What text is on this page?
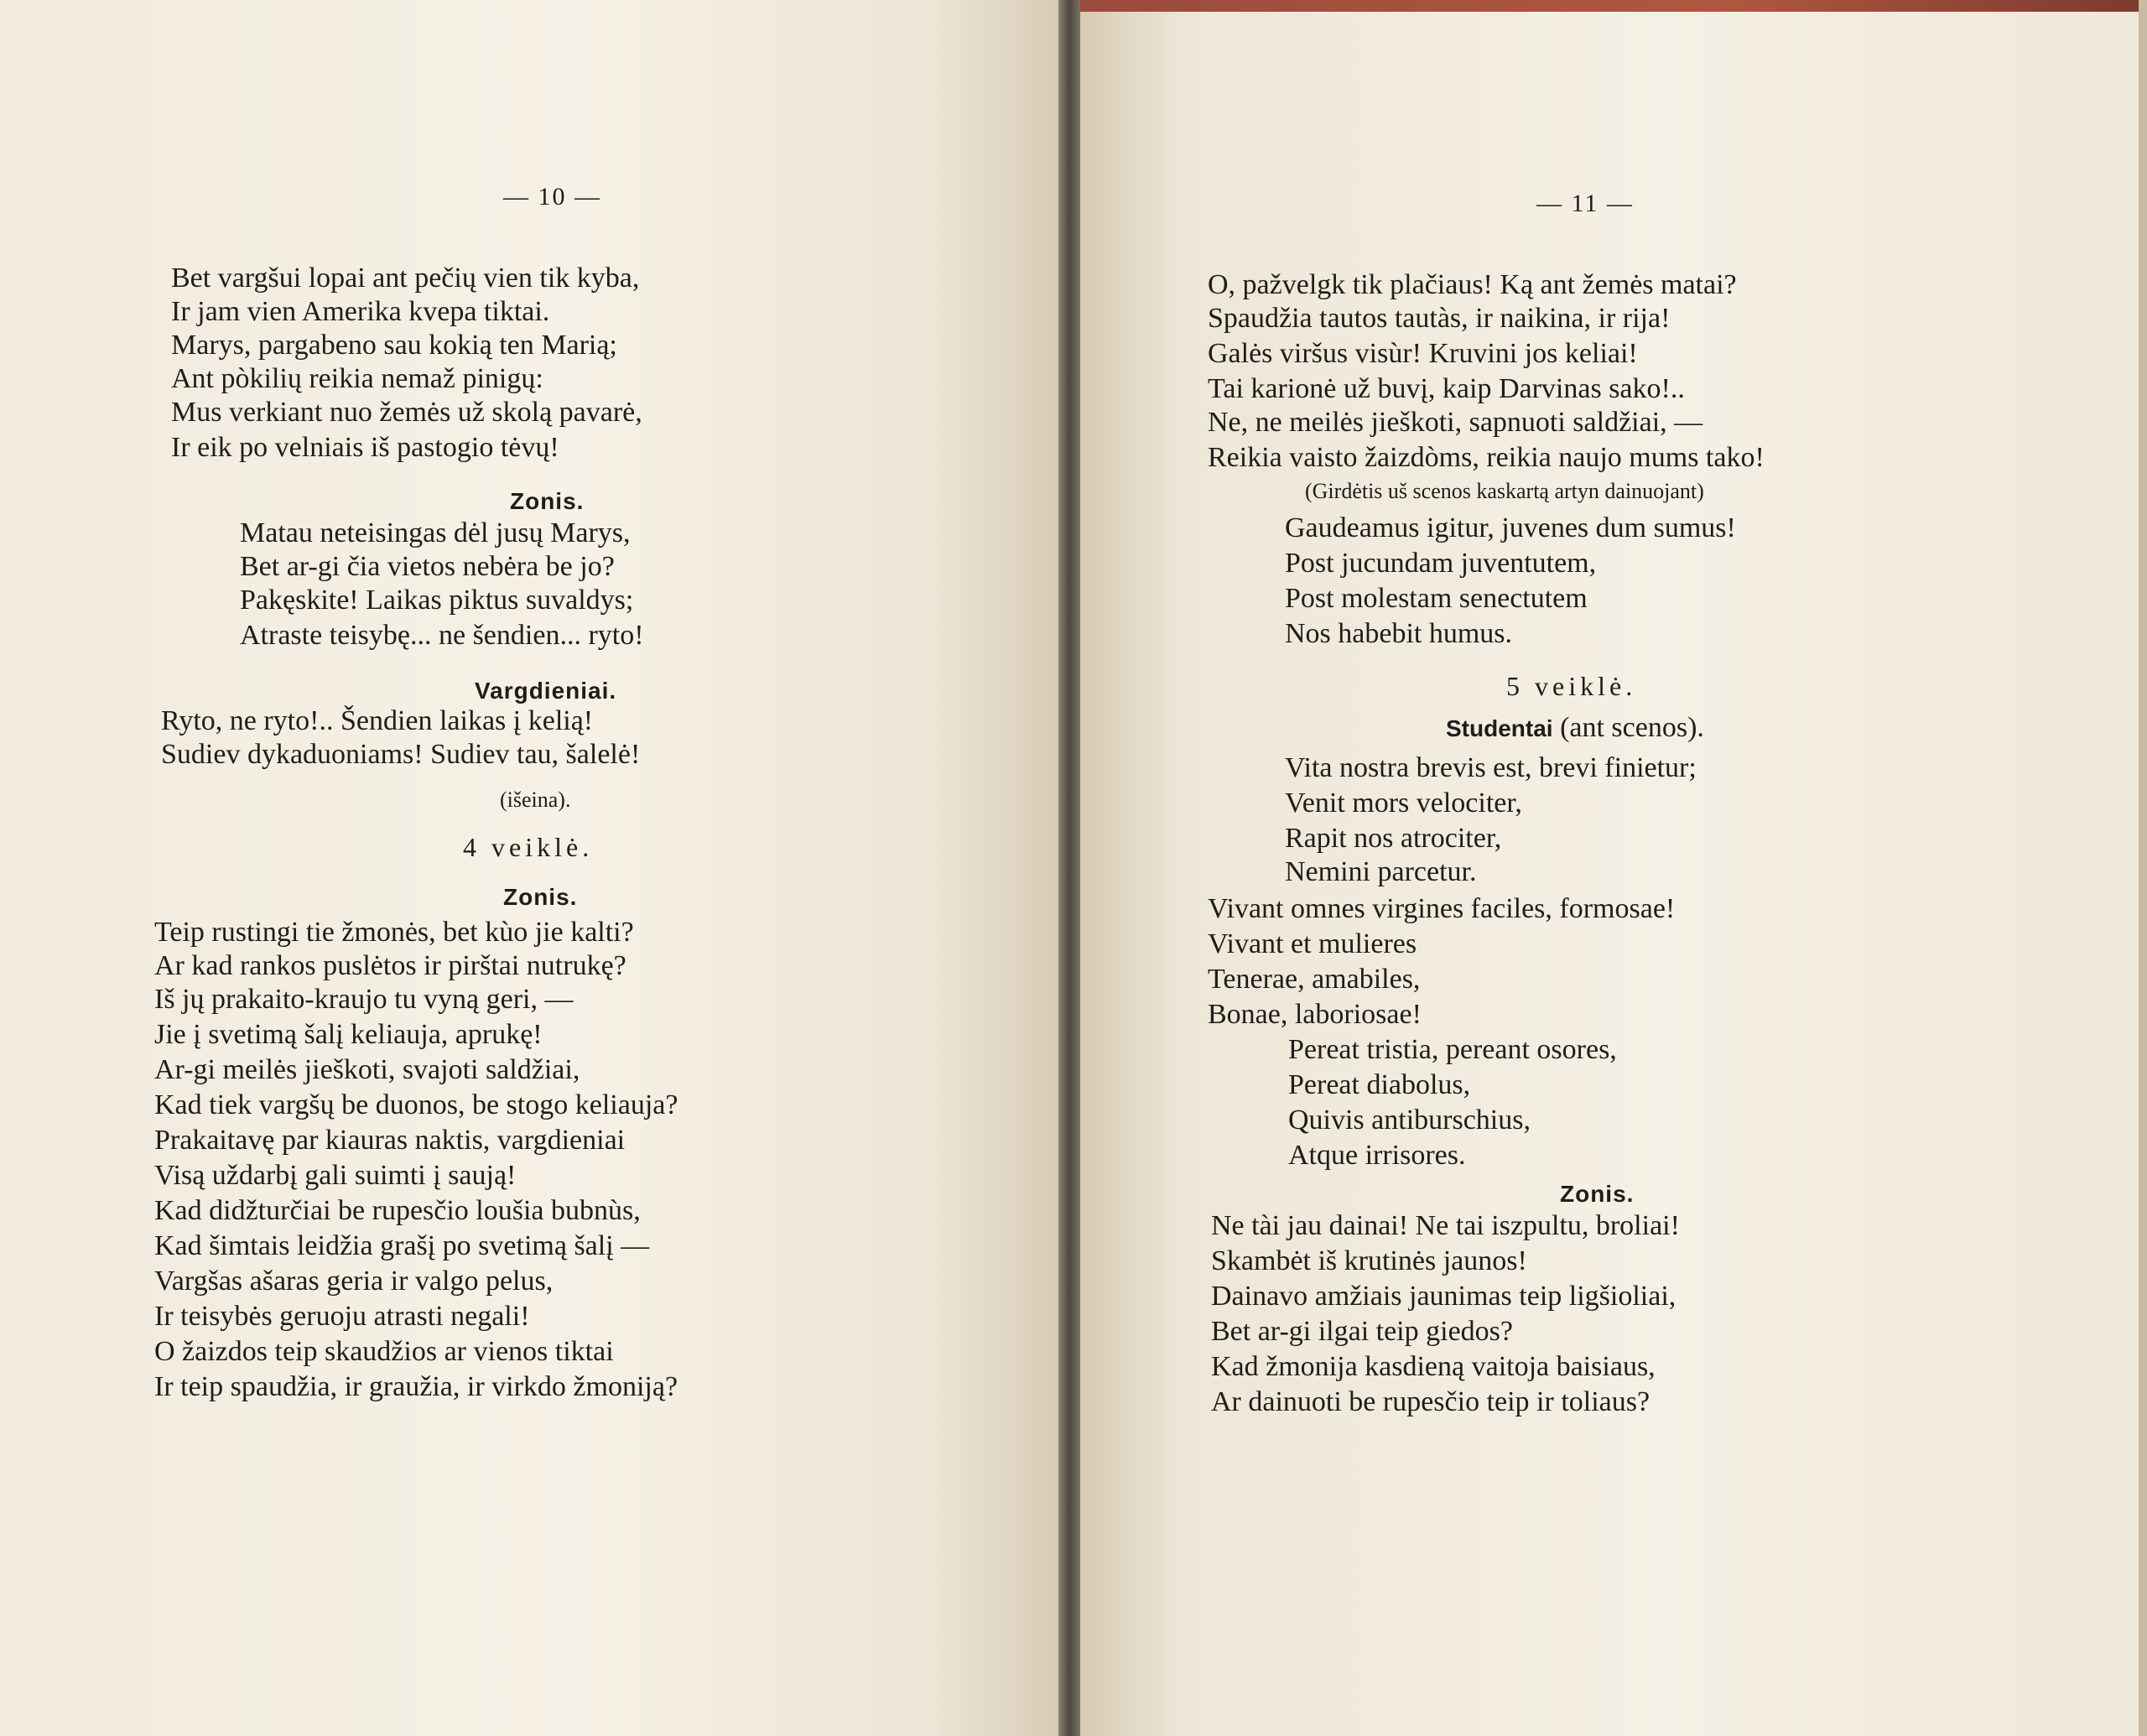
— 10 —
Bet vargšui lopai ant pečių vien tik kyba,
Ir jam vien Amerika kvepa tiktai.
Marys, pargabeno sau kokią ten Marią;
Ant pòkilių reikia nemaž pinigų:
Mus verkiant nuo žemės už skolą pavarė,
Ir eik po velniais iš pastogio tėvų!
Zonis.
Matau neteisingas dėl jusų Marys,
Bet ar-gi čia vietos nebėra be jo?
Pakęskite! Laikas piktus suvaldys;
Atraste teisybę... ne šendien... ryto!
Vargdieniai.
Ryto, ne ryto!.. Šendien laikas į kelią!
Sudiev dykaduoniams! Sudiev tau, šalelė!
(išeina).
4 veiklė.
Zonis.
Teip rustingi tie žmonės, bet kùo jie kalti?
Ar kad rankos puslėtos ir pirštai nutrukę?
Iš jų prakaito-kraujo tu vyną geri, —
Jie į svetimą šalį keliauja, aprukę!
Ar-gi meilės jieškoti, svajoti saldžiai,
Kad tiek vargšų be duonos, be stogo keliauja?
Prakaitavę par kiauras naktis, vargdieniai
Visą uždarbį gali suimti į saują!
Kad didžturčiai be rupesčio loušia bubnùs,
Kad šimtais leidžia grašį po svetimą šalį —
Vargšas ašaras geria ir valgo pelus,
Ir teisybės geruoju atrasti negali!
O žaizdos teip skaudžios ar vienos tiktai
Ir teip spaudžia, ir graužia, ir virkdo žmoniją?
— 11 —
O, pažvelgk tik plačiaus! Ką ant žemės matai?
Spaudžia tautos tautàs, ir naikina, ir rija!
Galės viršus visùr! Kruvini jos keliai!
Tai karionė už buvį, kaip Darvinas sako!..
Ne, ne meilės jieškoti, sapnuoti saldžiai, —
Reikia vaisto žaizdòms, reikia naujo mums tako!
(Girdėtis uš scenos kaskartą artyn dainuojant)
Gaudeamus igitur, juvenes dum sumus!
Post jucundam juventutem,
Post molestam senectutem
Nos habebit humus.
5 veiklė.
Studentai (ant scenos).
Vita nostra brevis est, brevi finietur;
Venit mors velociter,
Rapit nos atrociter,
Nemini parcetur.
Vivant omnes virgines faciles, formosae!
Vivant et mulieres
Tenerae, amabiles,
Bonae, laboriosae!
Pereat tristia, pereant osores,
Pereat diabolus,
Quivis antiburschius,
Atque irrisores.
Zonis.
Ne tài jau dainai! Ne tai iszpultu, broliai!
Skambėt iš krutinės jaunos!
Dainavo amžiais jaunimas teip ligšioliai,
Bet ar-gi ilgai teip giedos?
Kad žmonija kasdieną vaitoja baisiaus,
Ar dainuoti be rupesčio teip ir toliaus?
